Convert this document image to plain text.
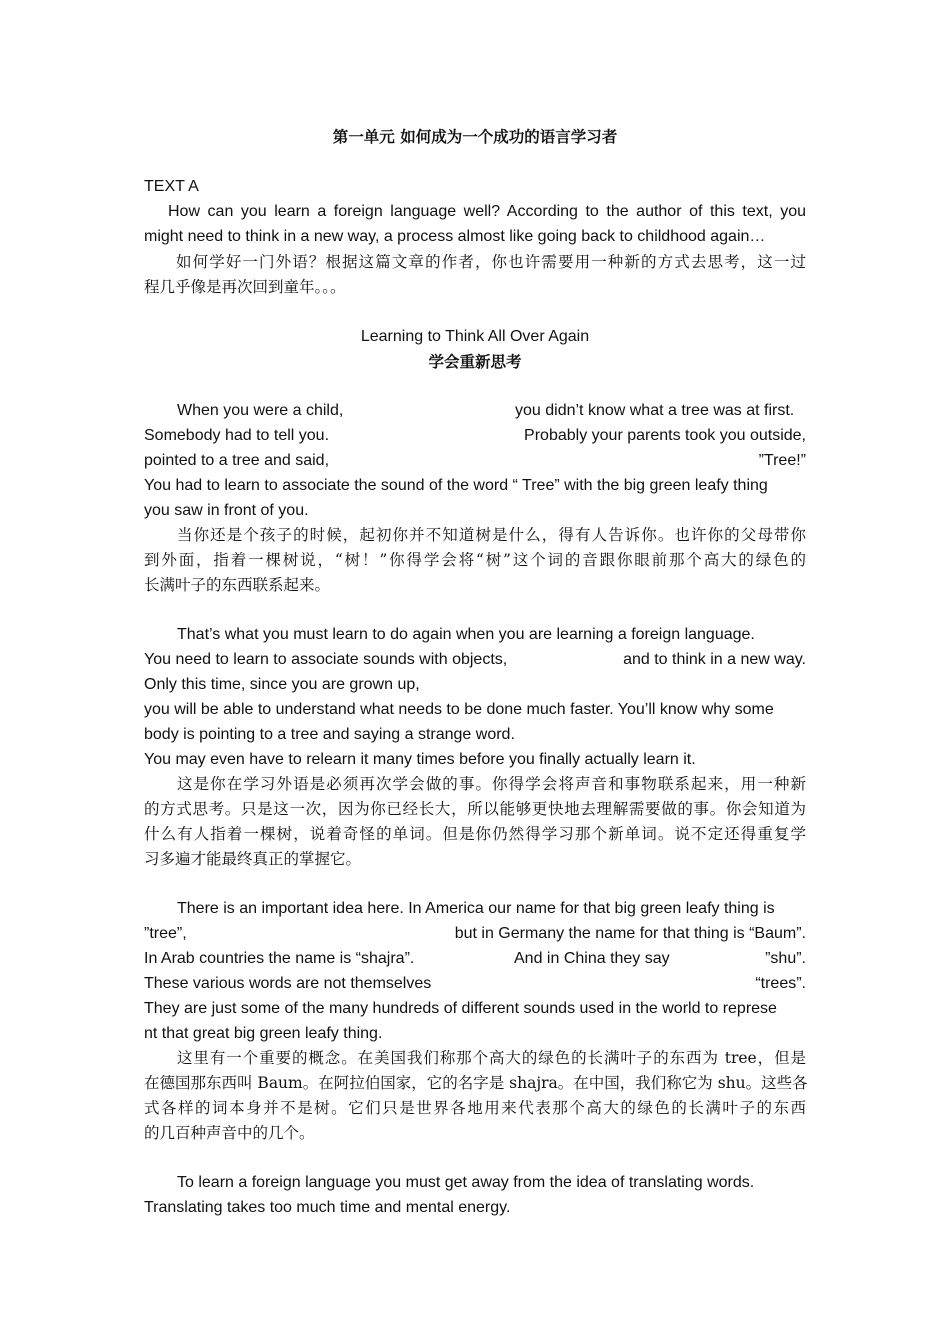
第一单元 如何成为一个成功的语言学习者
TEXT A
How can you learn a foreign language well? According to the author of this text, you
might need to think in a new way, a process almost like going back to childhood again…
如何学好一门外语？根据这篇文章的作者，你也许需要用一种新的方式去思考，这一过
程几乎像是再次回到童年。。。
Learning to Think All Over Again
学会重新思考
When you were a child,	you didn’t know what a tree was at first.
Somebody had to tell you.	Probably your parents took you outside,
pointed to a tree and said,	”Tree!”
You had to learn to associate the sound of the word “ Tree” with the big green leafy thing
you saw in front of you.
当你还是个孩子的时候，起初你并不知道树是什么，得有人告诉你。也许你的父母带你
到外面，指着一棵树说，“树！”你得学会将“树”这个词的音跟你眼前那个高大的绿色的
长满叶子的东西联系起来。
That’s what you must learn to do again when you are learning a foreign language.
You need to learn to associate sounds with objects,	and to think in a new way.
Only this time, since you are grown up,
you will be able to understand what needs to be done much faster. You’ll know why some
body is pointing to a tree and saying a strange word.
You may even have to relearn it many times before you finally actually learn it.
这是你在学习外语是必须再次学会做的事。你得学会将声音和事物联系起来，用一种新
的方式思考。只是这一次，因为你已经长大，所以能够更快地去理解需要做的事。你会知道为
什么有人指着一棵树，说着奇怪的单词。但是你仍然得学习那个新单词。说不定还得重复学
习多遍才能最终真正的掌握它。
There is an important idea here. In America our name for that big green leafy thing is
”tree”,	but in Germany the name for that thing is “Baum”.
In Arab countries the name is “shajra”.	And in China they say	”shu”.
These various words are not themselves	“trees”.
They are just some of the many hundreds of different sounds used in the world to represe
nt that great big green leafy thing.
这里有一个重要的概念。在美国我们称那个高大的绿色的长满叶子的东西为 tree，但是
在德国那东西叫 Baum。在阿拉伯国家，它的名字是 shajra。在中国，我们称它为 shu。这些各
式各样的词本身并不是树。它们只是世界各地用来代表那个高大的绿色的长满叶子的东西
的几百种声音中的几个。
To learn a foreign language you must get away from the idea of translating words.
Translating takes too much time and mental energy.
